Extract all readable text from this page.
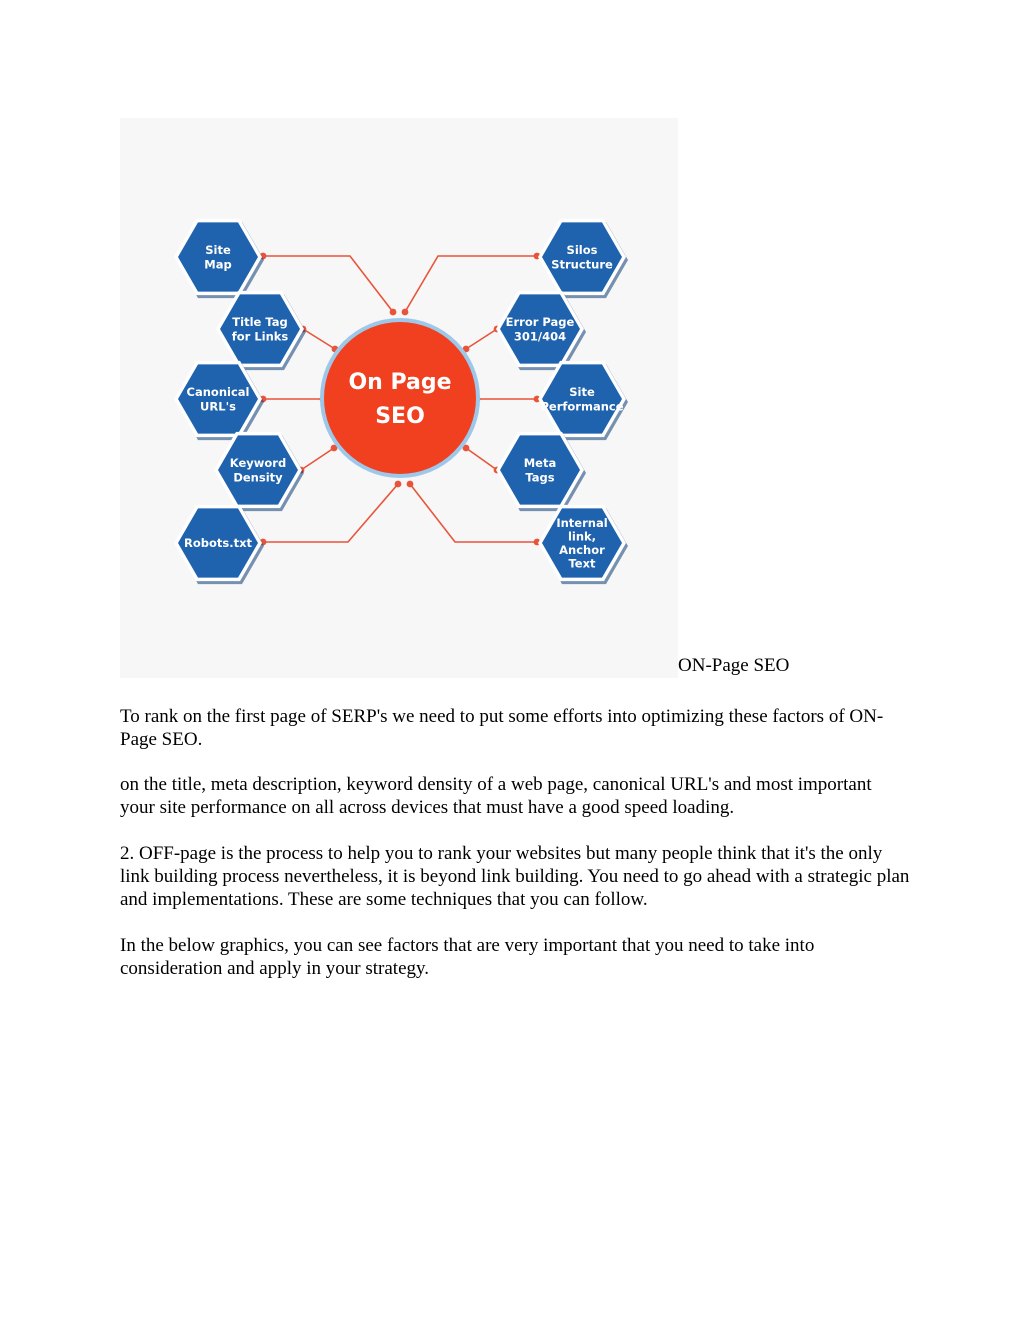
On Page
SEO
Site
Map
Title Tag
for Links
Canonical
URL's
Keyword
Density
Robots.txt
Silos
Structure
Error Page
301/404
Site
Performance
Meta
Tags
Internal
link,
Anchor
Text
ON-Page SEO

To rank on the first page of SERP's we need to put some efforts into optimizing these factors of ON-Page SEO.

on the title, meta description, keyword density of a web page, canonical URL's and most important your site performance on all across devices that must have a good speed loading.

2. OFF-page is the process to help you to rank your websites but many people think that it's the only link building process nevertheless, it is beyond link building. You need to go ahead with a strategic plan and implementations. These are some techniques that you can follow.

In the below graphics, you can see factors that are very important that you need to take into consideration and apply in your strategy.
